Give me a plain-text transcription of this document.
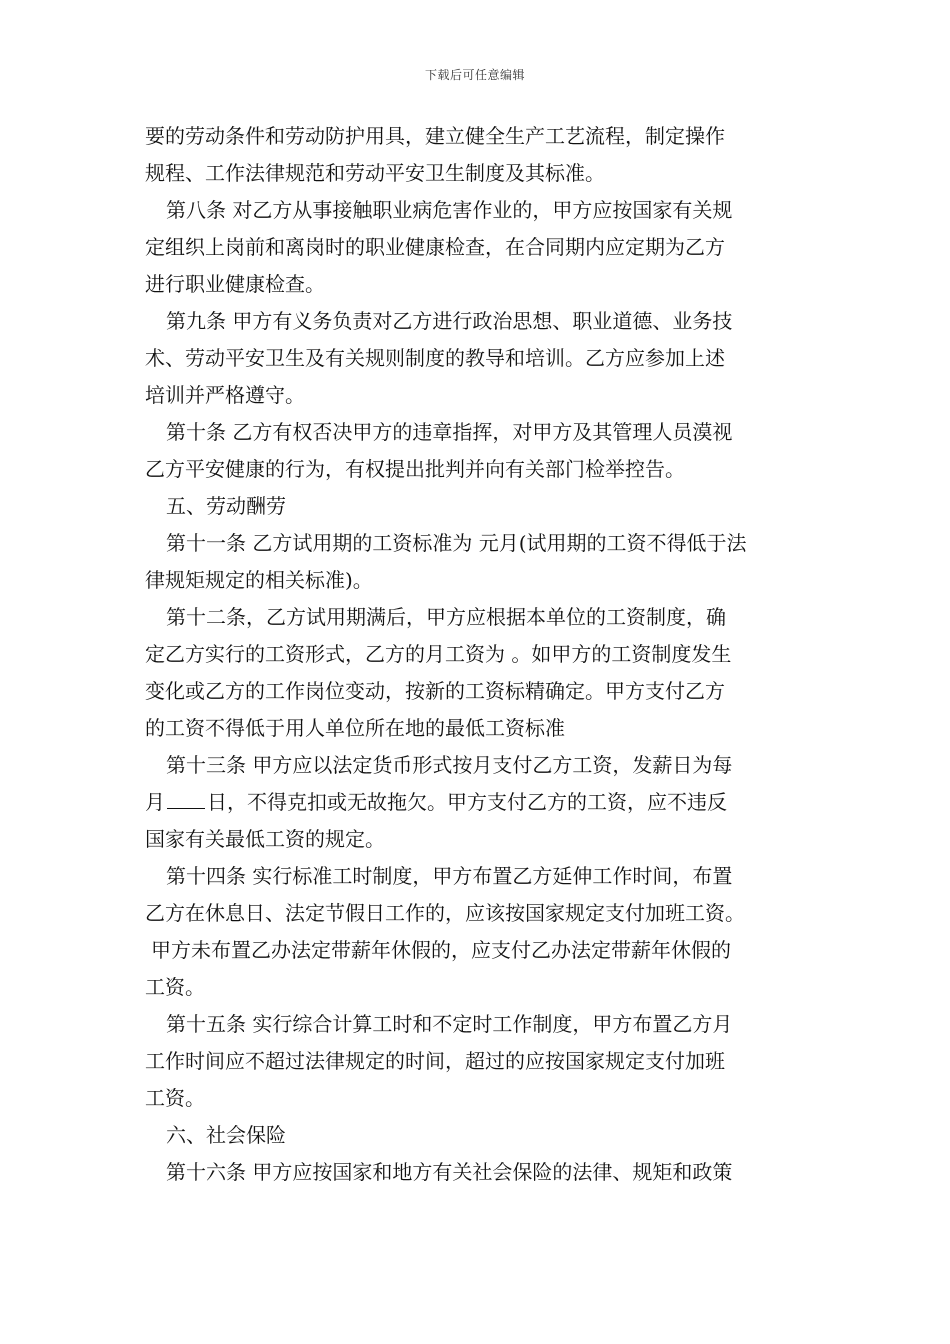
下载后可任意编辑
要的劳动条件和劳动防护用具，建立健全生产工艺流程，制定操作
规程、工作法律规范和劳动平安卫生制度及其标准。
第八条 对乙方从事接触职业病危害作业的，甲方应按国家有关规
定组织上岗前和离岗时的职业健康检查，在合同期内应定期为乙方
进行职业健康检查。
第九条 甲方有义务负责对乙方进行政治思想、职业道德、业务技
术、劳动平安卫生及有关规则制度的教导和培训。乙方应参加上述
培训并严格遵守。
第十条 乙方有权否决甲方的违章指挥，对甲方及其管理人员漠视
乙方平安健康的行为，有权提出批判并向有关部门检举控告。
五、劳动酬劳
第十一条 乙方试用期的工资标准为 元月(试用期的工资不得低于法
律规矩规定的相关标准)。
第十二条，乙方试用期满后，甲方应根据本单位的工资制度，确
定乙方实行的工资形式，乙方的月工资为 。如甲方的工资制度发生
变化或乙方的工作岗位变动，按新的工资标精确定。甲方支付乙方
的工资不得低于用人单位所在地的最低工资标准
第十三条 甲方应以法定货币形式按月支付乙方工资，发薪日为每
月 日，不得克扣或无故拖欠。甲方支付乙方的工资，应不违反
国家有关最低工资的规定。
第十四条 实行标准工时制度，甲方布置乙方延伸工作时间，布置
乙方在休息日、法定节假日工作的，应该按国家规定支付加班工资。
甲方未布置乙办法定带薪年休假的，应支付乙办法定带薪年休假的
工资。
第十五条 实行综合计算工时和不定时工作制度，甲方布置乙方月
工作时间应不超过法律规定的时间，超过的应按国家规定支付加班
工资。
六、社会保险
第十六条 甲方应按国家和地方有关社会保险的法律、规矩和政策
